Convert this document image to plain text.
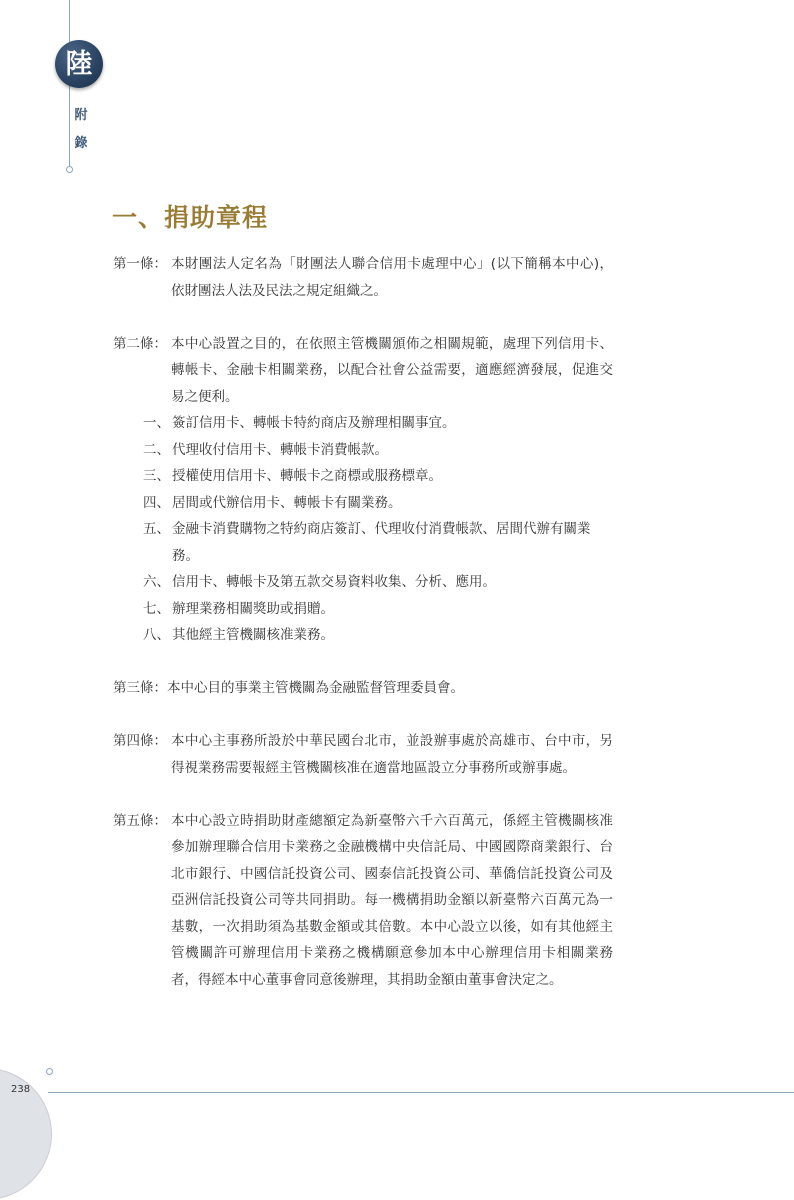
陸
附
錄
一、捐助章程
第一條： 本財團法人定名為「財團法人聯合信用卡處理中心」(以下簡稱本中心)，依財團法人法及民法之規定組織之。
第二條： 本中心設置之目的，在依照主管機關頒佈之相關規範，處理下列信用卡、轉帳卡、金融卡相關業務，以配合社會公益需要，適應經濟發展，促進交易之便利。
一、 簽訂信用卡、轉帳卡特約商店及辦理相關事宜。
二、 代理收付信用卡、轉帳卡消費帳款。
三、 授權使用信用卡、轉帳卡之商標或服務標章。
四、 居間或代辦信用卡、轉帳卡有關業務。
五、 金融卡消費購物之特約商店簽訂、代理收付消費帳款、居間代辦有關業務。
六、 信用卡、轉帳卡及第五款交易資料收集、分析、應用。
七、 辦理業務相關獎助或捐贈。
八、 其他經主管機關核准業務。
第三條： 本中心目的事業主管機關為金融監督管理委員會。
第四條： 本中心主事務所設於中華民國台北市，並設辦事處於高雄市、台中市，另得視業務需要報經主管機關核准在適當地區設立分事務所或辦事處。
第五條： 本中心設立時捐助財產總額定為新臺幣六千六百萬元，係經主管機關核准參加辦理聯合信用卡業務之金融機構中央信託局、中國國際商業銀行、台北市銀行、中國信託投資公司、國泰信託投資公司、華僑信託投資公司及亞洲信託投資公司等共同捐助。每一機構捐助金額以新臺幣六百萬元為一基數，一次捐助須為基數金額或其倍數。本中心設立以後，如有其他經主管機關許可辦理信用卡業務之機構願意參加本中心辦理信用卡相關業務者，得經本中心董事會同意後辦理，其捐助金額由董事會決定之。
238
